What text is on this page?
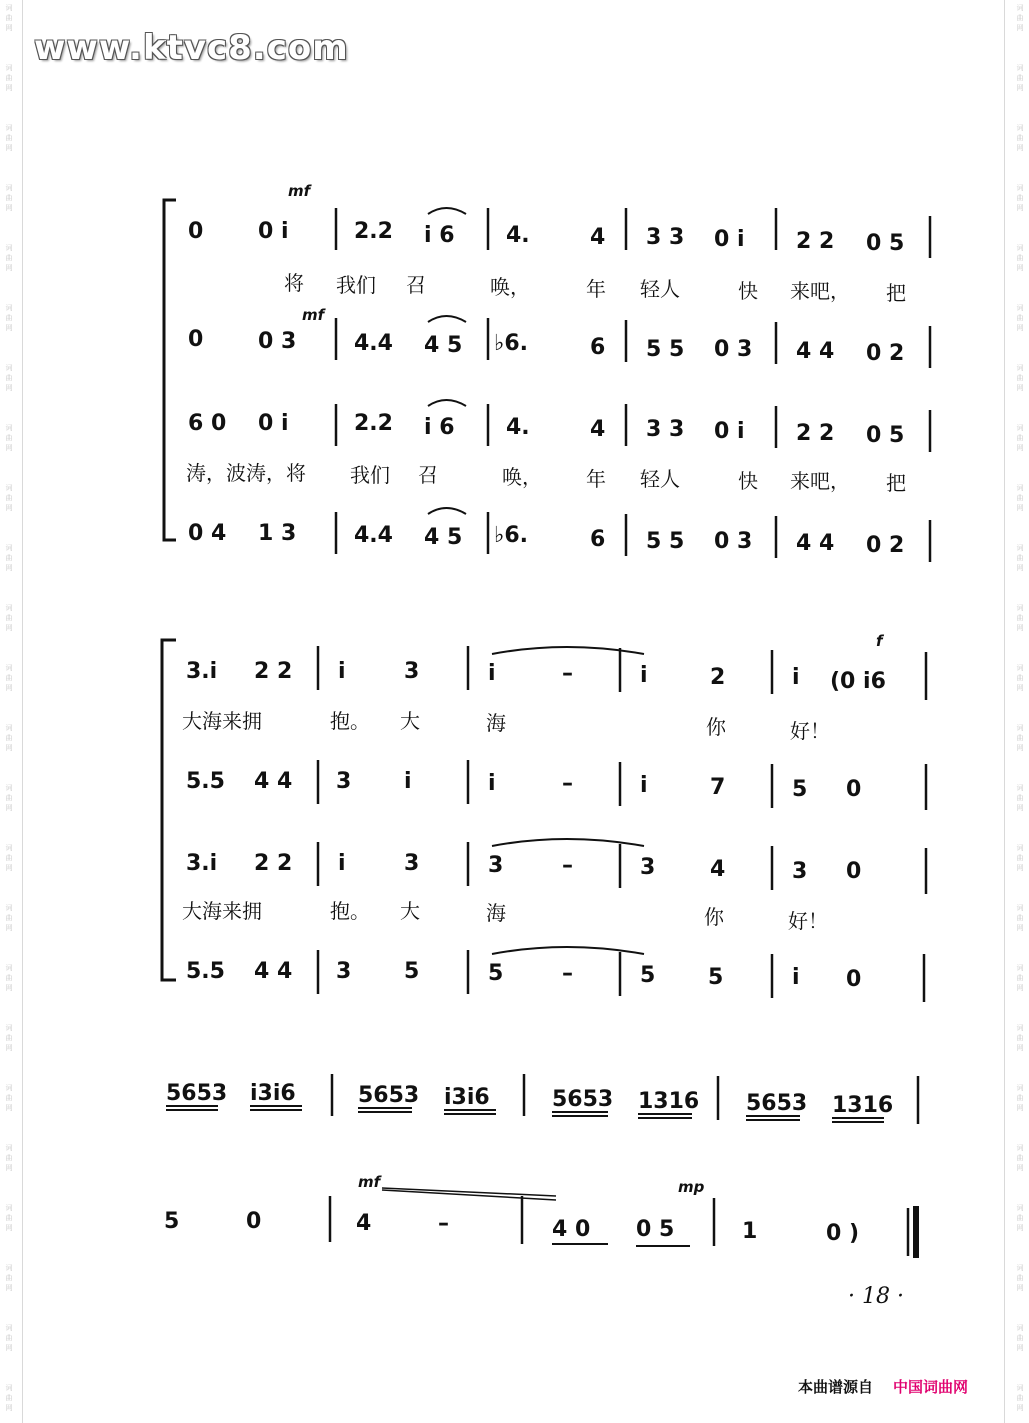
词
曲
网
词
曲
网
词
曲
网
词
曲
网
词
曲
网
词
曲
网
词
曲
网
词
曲
网
词
曲
网
词
曲
网
词
曲
网
词
曲
网
词
曲
网
词
曲
网
词
曲
网
词
曲
网
词
曲
网
词
曲
网
词
曲
网
词
曲
网
词
曲
网
词
曲
网
词
曲
网
词
曲
网
词
曲
网
词
曲
网
词
曲
网
词
曲
网
词
曲
网
词
曲
网
词
曲
网
词
曲
网
词
曲
网
词
曲
网
词
曲
网
词
曲
网
词
曲
网
词
曲
网
词
曲
网
词
曲
网
词
曲
网
词
曲
网
词
曲
网
词
曲
网
词
曲
网
词
曲
网
词
曲
网
词
曲
网
www.ktvc8.com
mf
mf
f
mf	mp
0 0 i	2.2 i 6 4.	4 3 3 0 i 2 2 0 5
将 我们 召	唤，	年 轻人	快 来吧， 把
0 0 3	4.4 4 5 ♭6.	6 5 5 0 3 4 4 0 2
6 0 0 i	2.2 i 6 4.	4 3 3 0 i 2 2 0 5
涛，波涛，将 我们 召	唤， 年 轻人	快 来吧， 把
0 4 1 3	4.4 4 5 ♭6.	6 5 5 0 3 4 4 0 2
3.i 2 2 i	3	i	–	i	2	i (0 i6
大海来拥	抱。 大	海	你	好！
5.5 4 4 3 i	i	–	i	7	5 0
3.i 2 2 i	3	3	–	3 4	3 0
大海来拥	抱。 大	海	你	好！
5.5 4 4 3 5	5	–	5 5	i 0
5653 i3i6	5653 i3i6	5653 1316 5653 1316
5	0	4	–	4 0 0 5	1	0 )
· 18 ·
本曲谱源自 中国词曲网
